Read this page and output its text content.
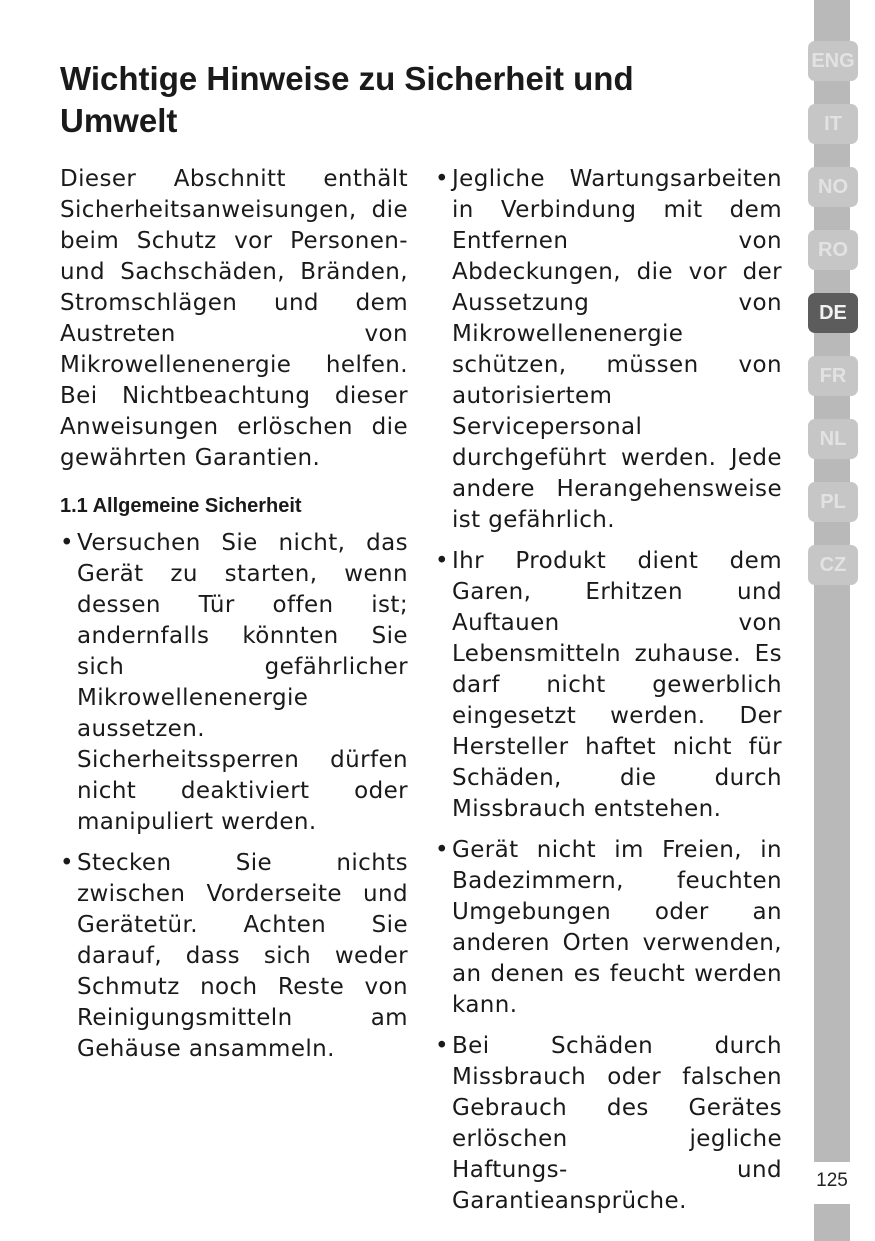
Wichtige Hinweise zu Sicherheit und Umwelt

Dieser Abschnitt enthält Sicherheitsanweisungen, die beim Schutz vor Personen- und Sachschäden, Bränden, Stromschlägen und dem Austreten von Mikrowellenenergie helfen. Bei Nichtbeachtung dieser Anweisungen erlöschen die gewährten Garantien.

1.1 Allgemeine Sicherheit
• Versuchen Sie nicht, das Gerät zu starten, wenn dessen Tür offen ist; andernfalls könnten Sie sich gefährlicher Mikrowellenenergie aussetzen. Sicherheitssperren dürfen nicht deaktiviert oder manipuliert werden.
• Stecken Sie nichts zwischen Vorderseite und Gerätetür. Achten Sie darauf, dass sich weder Schmutz noch Reste von Reinigungsmitteln am Gehäuse ansammeln.
• Jegliche Wartungsarbeiten in Verbindung mit dem Entfernen von Abdeckungen, die vor der Aussetzung von Mikrowellenenergie schützen, müssen von autorisiertem Servicepersonal durchgeführt werden. Jede andere Herangehensweise ist gefährlich.
• Ihr Produkt dient dem Garen, Erhitzen und Auftauen von Lebensmitteln zuhause. Es darf nicht gewerblich eingesetzt werden. Der Hersteller haftet nicht für Schäden, die durch Missbrauch entstehen.
• Gerät nicht im Freien, in Badezimmern, feuchten Umgebungen oder an anderen Orten verwenden, an denen es feucht werden kann.
• Bei Schäden durch Missbrauch oder falschen Gebrauch des Gerätes erlöschen jegliche Haftungs- und Garantieansprüche.
ENG
IT
NO
RO
DE
FR
NL
PL
CZ
125
